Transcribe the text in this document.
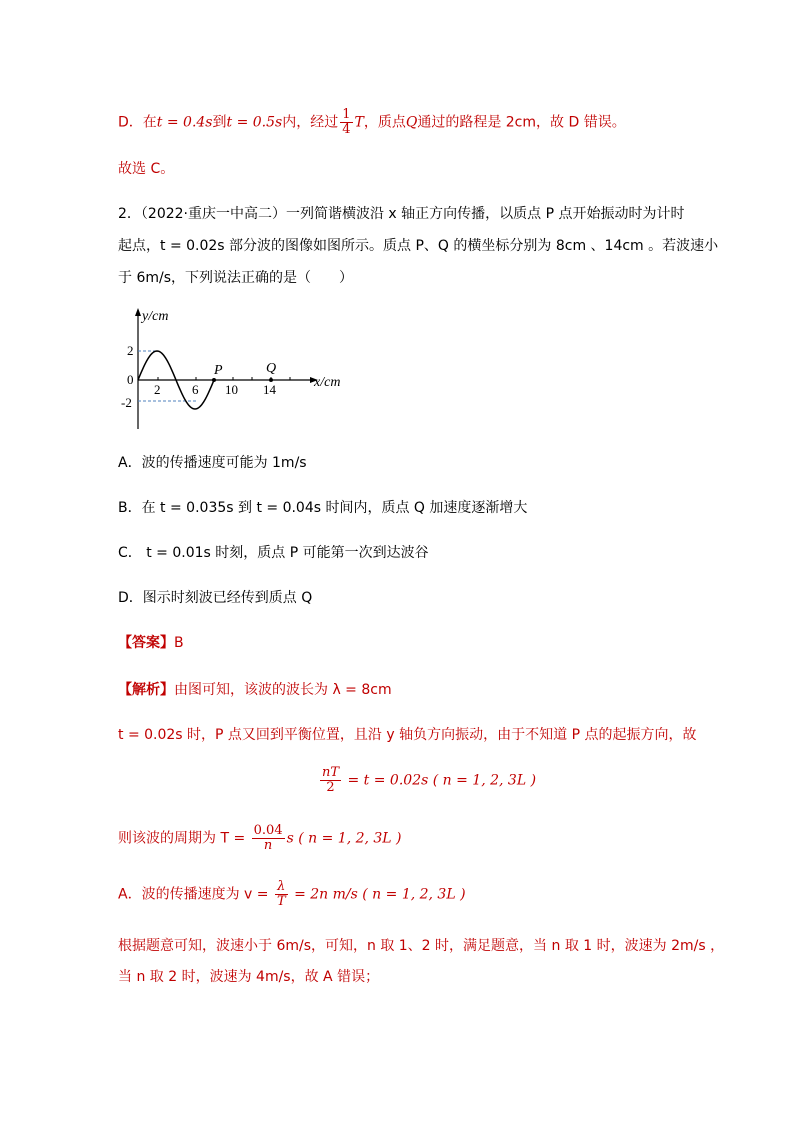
D．在t = 0.4s到t = 0.5s内，经过 $\frac{1}{4}$ T，质点Q通过的路程是 2cm，故 D 错误。
故选 C。
2．（2022·重庆一中高二）一列简谐横波沿 x 轴正方向传播，以质点 P 点开始振动时为计时
起点，t = 0.02s 部分波的图像如图所示。质点 P、Q 的横坐标分别为 8cm 、14cm 。若波速小
于 6m/s，下列说法正确的是（　　）
y/cm
x/cm
2
0
-2
2 6 10 14
P	Q
A．波的传播速度可能为 1m/s
B．在 t = 0.035s 到 t = 0.04s 时间内，质点 Q 加速度逐渐增大
C． t = 0.01s 时刻，质点 P 可能第一次到达波谷
D．图示时刻波已经传到质点 Q
【答案】B
【解析】由图可知，该波的波长为 λ = 8cm
t = 0.02s 时，P 点又回到平衡位置，且沿 y 轴负方向振动，由于不知道 P 点的起振方向，故
$\frac{nT}{2} = t = 0.02s$ ( n = 1, 2, 3L )
则该波的周期为 $T = \frac{0.04}{n}$ s ( n = 1, 2, 3L )
A．波的传播速度为 $v = \frac{\lambda}{T} = 2n$ m/s ( n = 1, 2, 3L )
根据题意可知，波速小于 6m/s，可知，n 取 1、2 时，满足题意，当 n 取 1 时，波速为 2m/s ，
当 n 取 2 时，波速为 4m/s，故 A 错误；
